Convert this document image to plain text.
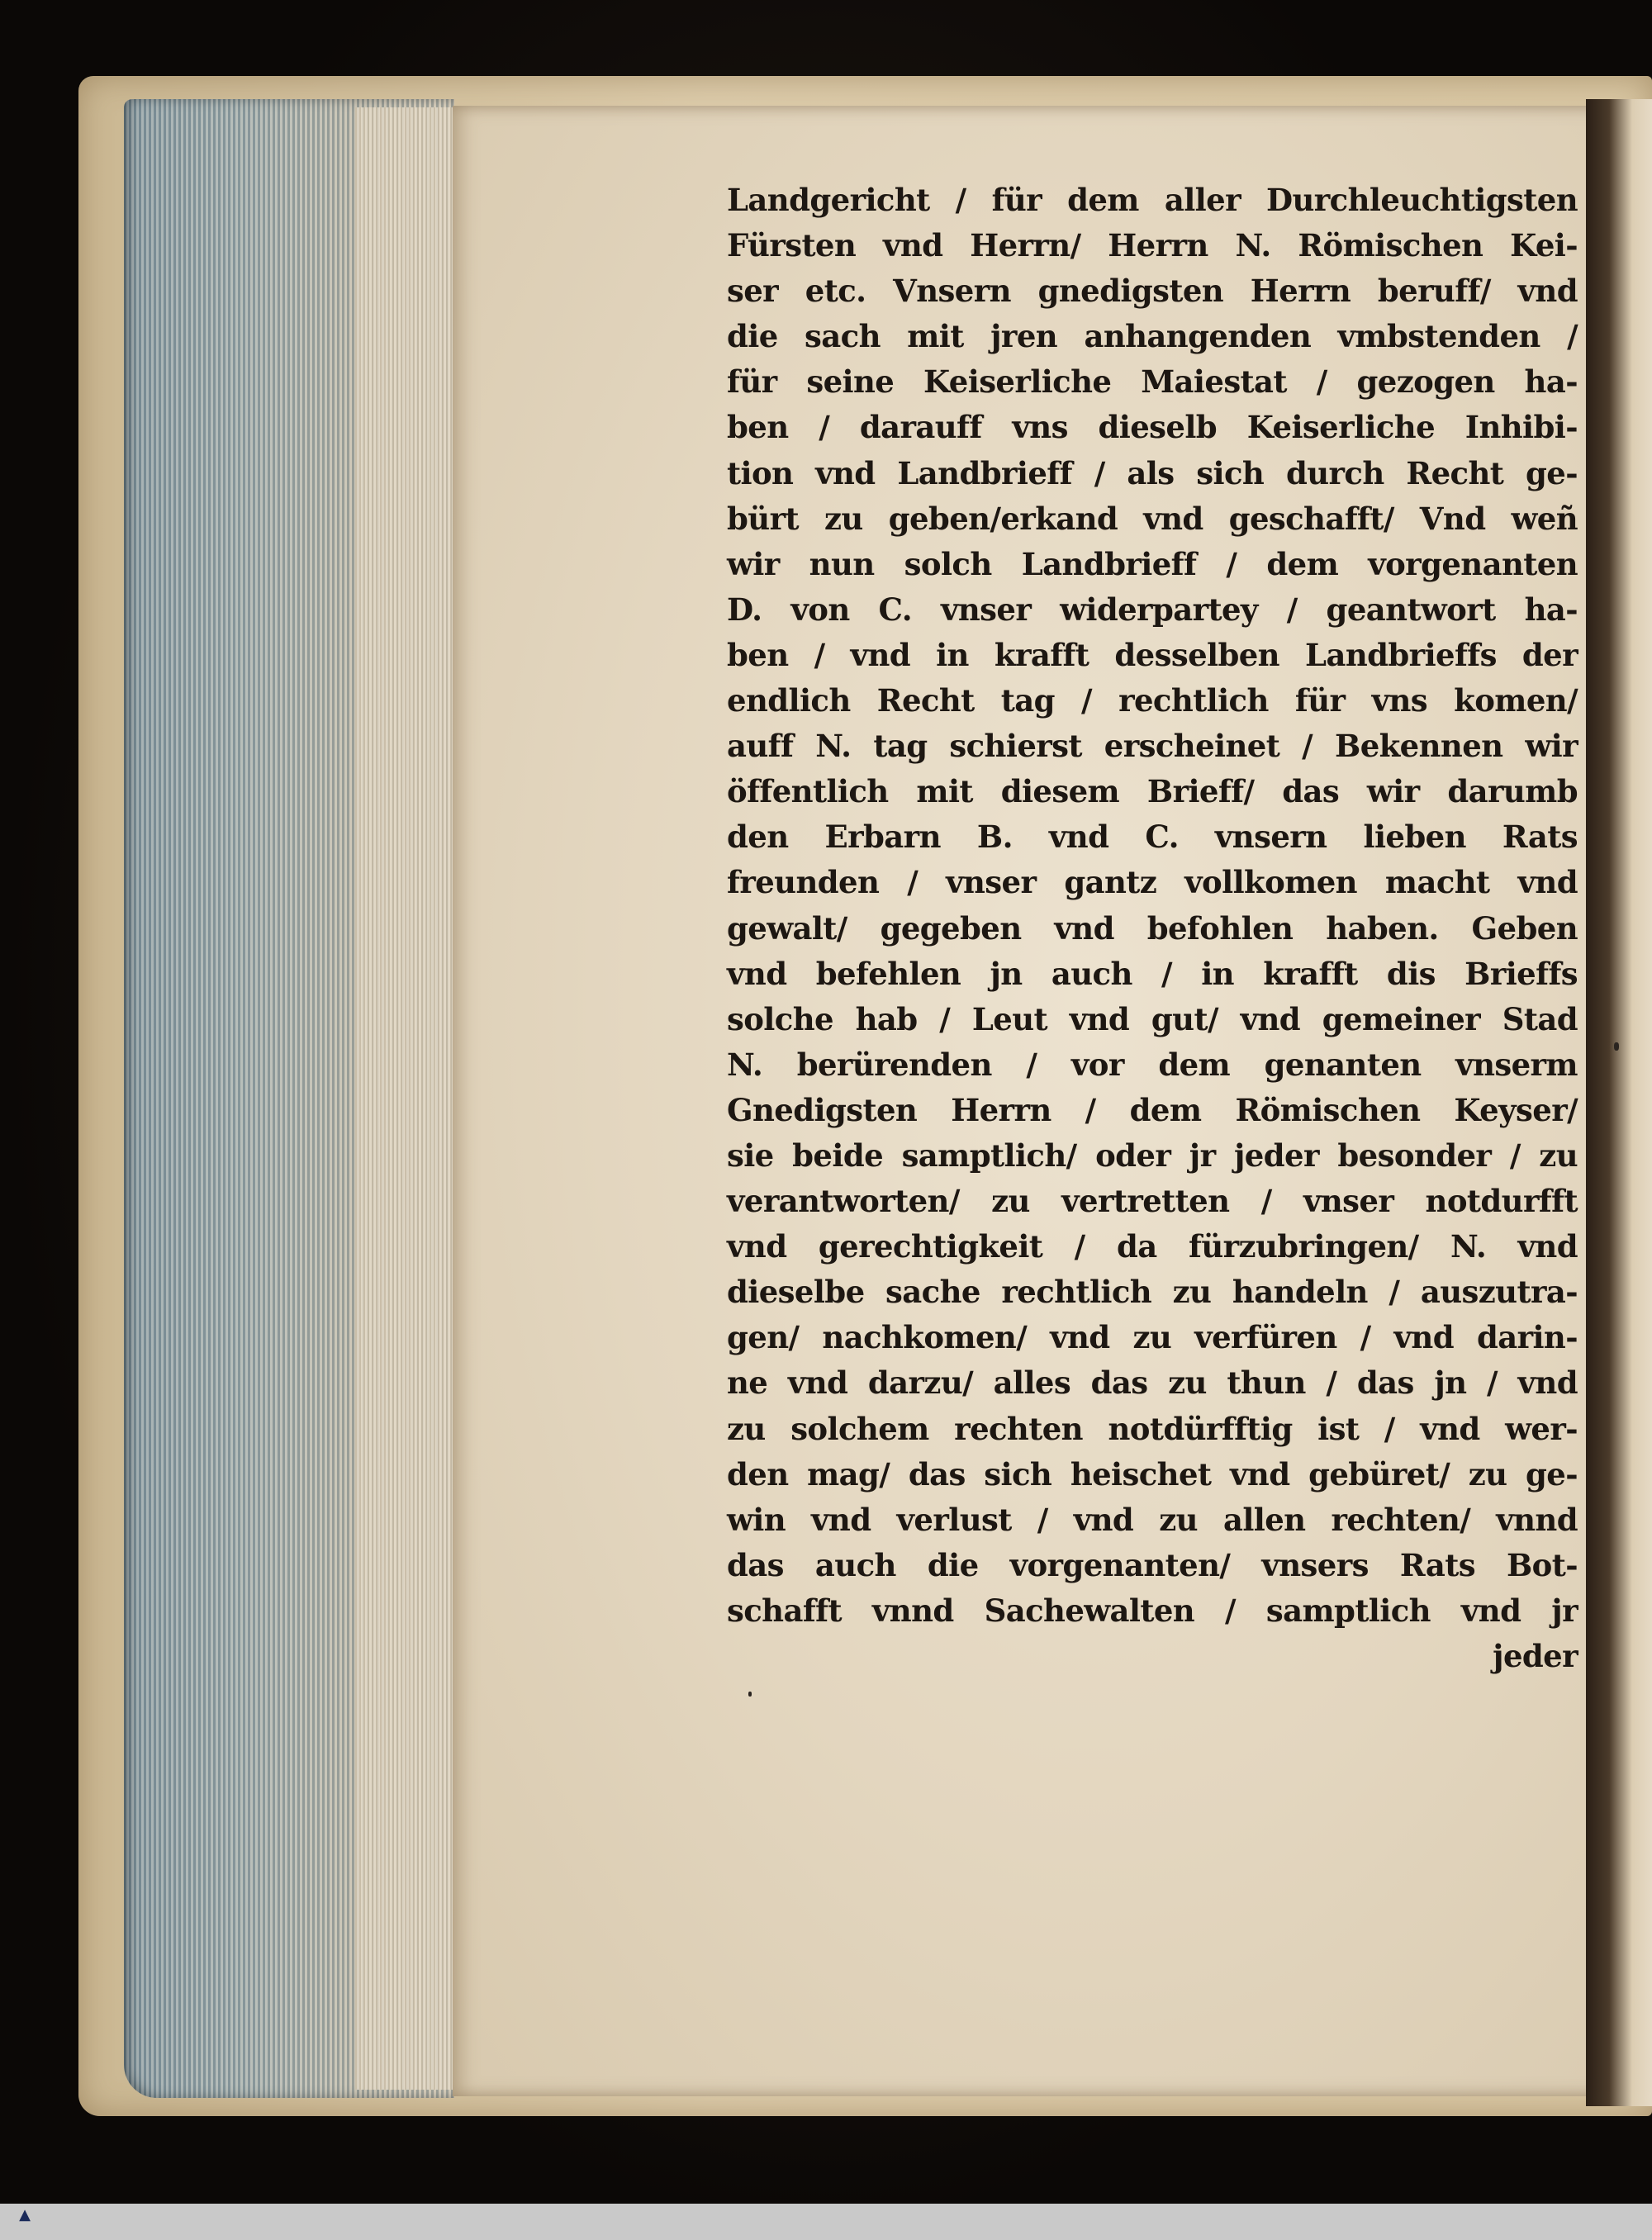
Landgericht / für dem aller Durchleuchtigsten
Fürsten vnd Herrn/ Herrn N. Römischen Kei-
ser etc. Vnsern gnedigsten Herrn beruff/ vnd
die sach mit jren anhangenden vmbstenden /
für seine Keiserliche Maiestat / gezogen ha-
ben / darauff vns dieselb Keiserliche Inhibi-
tion vnd Landbrieff / als sich durch Recht ge-
bürt zu geben/erkand vnd geschafft/ Vnd weñ
wir nun solch Landbrieff / dem vorgenanten
D. von C. vnser widerpartey / geantwort ha-
ben / vnd in krafft desselben Landbrieffs der
endlich Recht tag / rechtlich für vns komen/
auff N. tag schierst erscheinet / Bekennen wir
öffentlich mit diesem Brieff/ das wir darumb
den Erbarn B. vnd C. vnsern lieben Rats
freunden / vnser gantz vollkomen macht vnd
gewalt/ gegeben vnd befohlen haben. Geben
vnd befehlen jn auch / in krafft dis Brieffs
solche hab / Leut vnd gut/ vnd gemeiner Stad
N. berürenden / vor dem genanten vnserm
Gnedigsten Herrn / dem Römischen Keyser/
sie beide samptlich/ oder jr jeder besonder / zu
verantworten/ zu vertretten / vnser notdurfft
vnd gerechtigkeit / da fürzubringen/ N. vnd
dieselbe sache rechtlich zu handeln / auszutra-
gen/ nachkomen/ vnd zu verfüren / vnd darin-
ne vnd darzu/ alles das zu thun / das jn / vnd
zu solchem rechten notdürfftig ist / vnd wer-
den mag/ das sich heischet vnd gebüret/ zu ge-
win vnd verlust / vnd zu allen rechten/ vnnd
das auch die vorgenanten/ vnsers Rats Bot-
schafft vnnd Sachewalten / samptlich vnd jr
jeder
▲
